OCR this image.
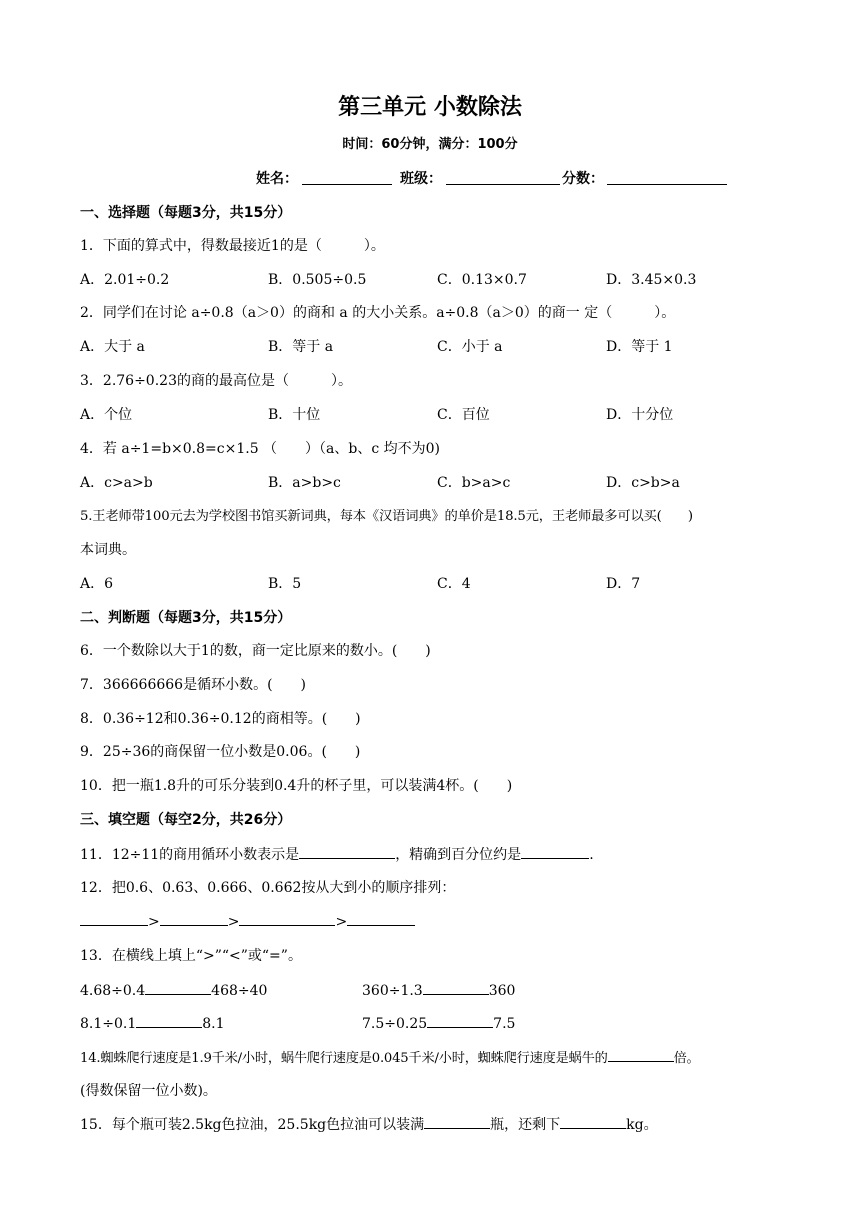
第三单元 小数除法
时间：60分钟，满分：100分
姓名：	班级：	分数：
一、选择题（每题3分，共15分）
1．下面的算式中，得数最接近1的是（　　　）。
A．2.01÷0.2	B．0.505÷0.5	C．0.13×0.7	D．3.45×0.3
2．同学们在讨论 a÷0.8（a＞0）的商和 a 的大小关系。a÷0.8（a＞0）的商一 定（　　　）。
A．大于 a	B．等于 a	C．小于 a	D．等于 1
3．2.76÷0.23的商的最高位是（　　　）。
A．个位	B．十位	C．百位	D．十分位
4．若 a÷1=b×0.8=c×1.5 （　　）（a、b、c 均不为0)
A．c>a>b	B．a>b>c	C．b>a>c	D．c>b>a
5.王老师带100元去为学校图书馆买新词典，每本《汉语词典》的单价是18.5元，王老师最多可以买(　　)
本词典。
A．6	B．5	C．4	D．7
二、判断题（每题3分，共15分）
6．一个数除以大于1的数，商一定比原来的数小。(　　)
7．366666666是循环小数。(　　)
8．0.36÷12和0.36÷0.12的商相等。(　　)
9．25÷36的商保留一位小数是0.06。(　　)
10．把一瓶1.8升的可乐分装到0.4升的杯子里，可以装满4杯。(　　)
三、填空题（每空2分，共26分）
11．12÷11的商用循环小数表示是	，精确到百分位约是	.
12．把0.6、0.63、0.666、0.66̇2̇按从大到小的顺序排列：
>	>	>
13．在横线上填上“>”“<”或“=”。
4.68÷0.4	468÷40	360÷1.3	360
8.1÷0.1	8.1	7.5÷0.25	7.5
14.蜘蛛爬行速度是1.9千米/小时，蜗牛爬行速度是0.045千米/小时，蜘蛛爬行速度是蜗牛的	倍。
(得数保留一位小数)。
15．每个瓶可装2.5kg色拉油，25.5kg色拉油可以装满	瓶，还剩下	kg。
